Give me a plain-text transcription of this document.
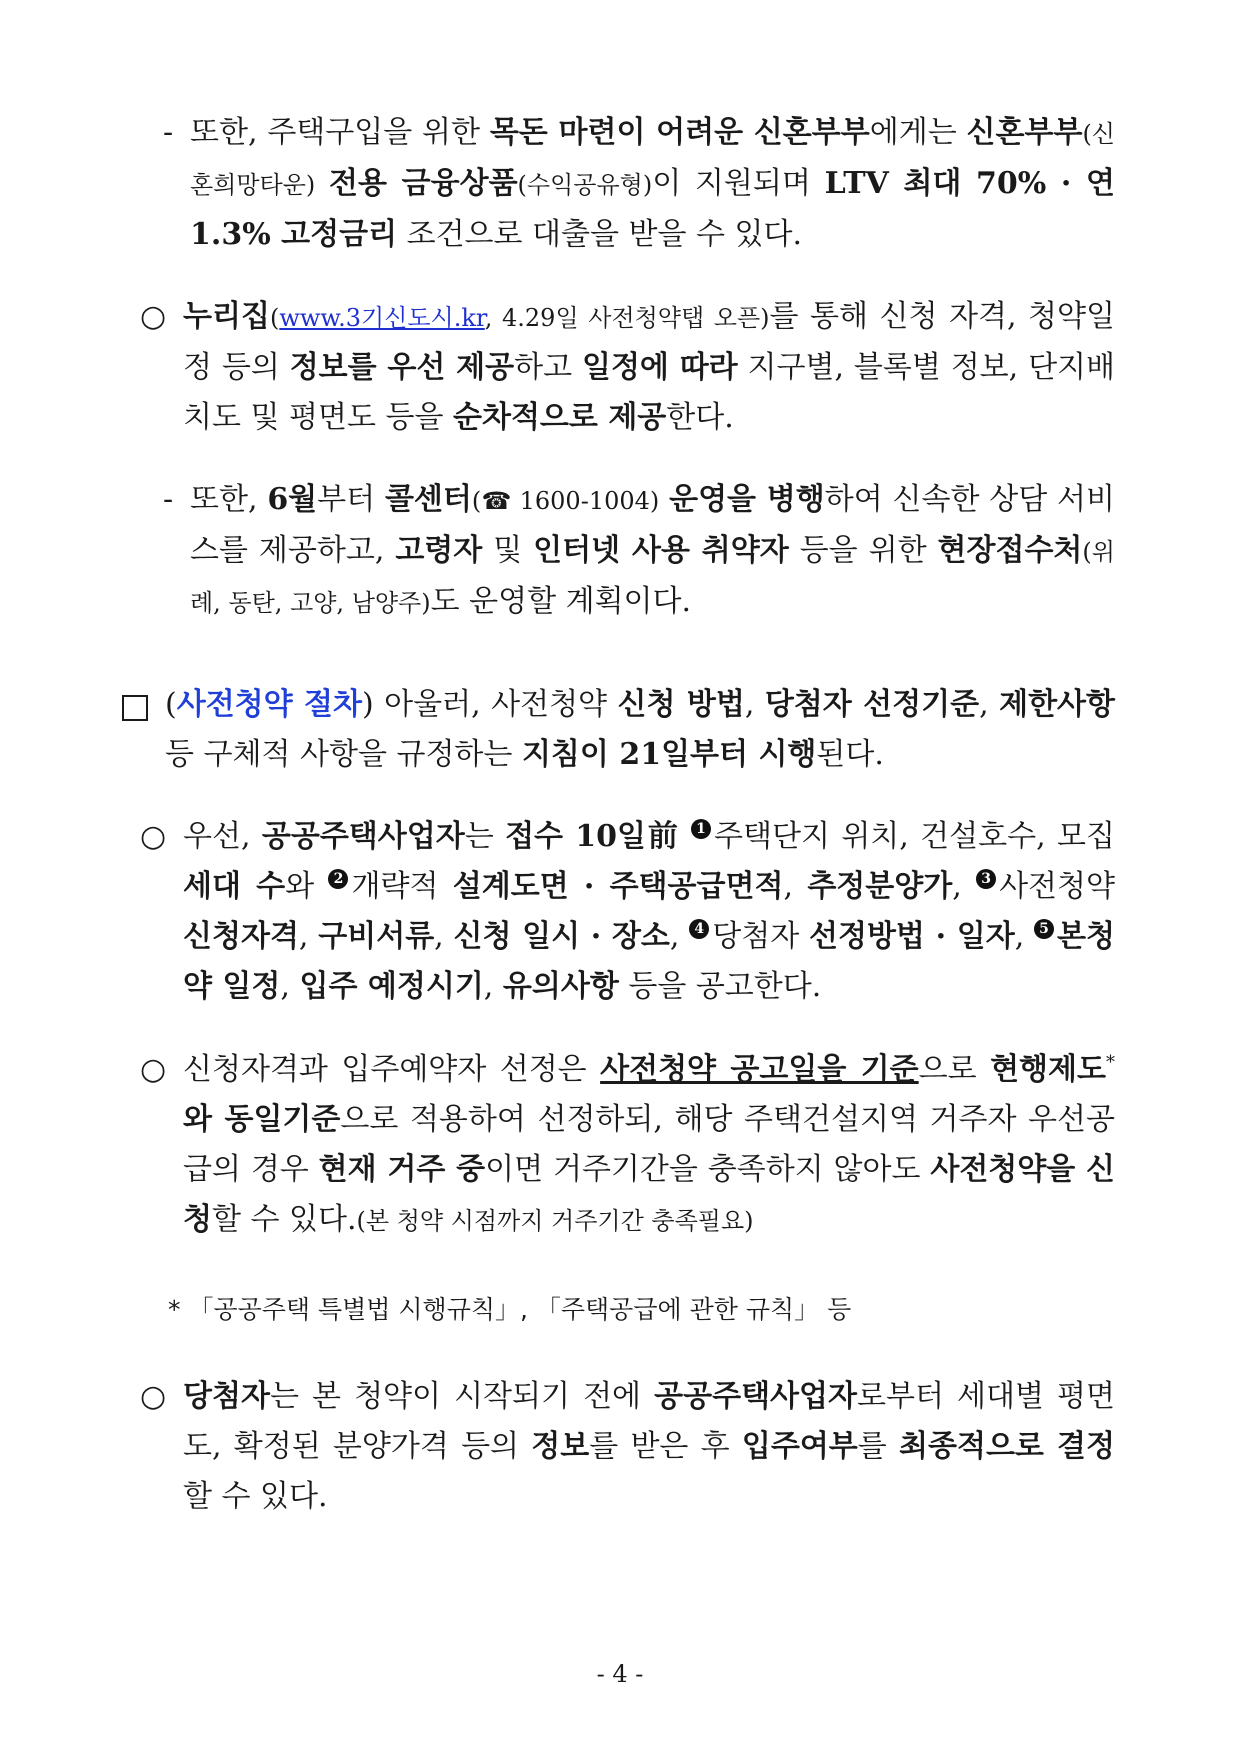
- 또한, 주택구입을 위한 목돈 마련이 어려운 신혼부부에게는 신혼부부(신혼희망타운) 전용 금융상품(수익공유형)이 지원되며 LTV 최대 70% · 연 1.3% 고정금리 조건으로 대출을 받을 수 있다.
○ 누리집(www.3기신도시.kr, 4.29일 사전청약탭 오픈)를 통해 신청 자격, 청약일정 등의 정보를 우선 제공하고 일정에 따라 지구별, 블록별 정보, 단지배치도 및 평면도 등을 순차적으로 제공한다.
- 또한, 6월부터 콜센터(☎ 1600-1004) 운영을 병행하여 신속한 상담 서비스를 제공하고, 고령자 및 인터넷 사용 취약자 등을 위한 현장접수처(위례, 동탄, 고양, 남양주)도 운영할 계획이다.
(사전청약 절차) 아울러, 사전청약 신청 방법, 당첨자 선정기준, 제한사항 등 구체적 사항을 규정하는 지침이 21일부터 시행된다.
○ 우선, 공공주택사업자는 접수 10일前 1 주택단지 위치, 건설호수, 모집 세대 수와 2 개략적 설계도면 · 주택공급면적, 추정분양가, 3 사전청약 신청자격, 구비서류, 신청 일시 · 장소, 4 당첨자 선정방법 · 일자, 5 본청약 일정, 입주 예정시기, 유의사항 등을 공고한다.
○ 신청자격과 입주예약자 선정은 사전청약 공고일을 기준으로 현행제도*와 동일기준으로 적용하여 선정하되, 해당 주택건설지역 거주자 우선공급의 경우 현재 거주 중이면 거주기간을 충족하지 않아도 사전청약을 신청할 수 있다.(본 청약 시점까지 거주기간 충족필요)
* 「공공주택 특별법 시행규칙」, 「주택공급에 관한 규칙」 등
○ 당첨자는 본 청약이 시작되기 전에 공공주택사업자로부터 세대별 평면도, 확정된 분양가격 등의 정보를 받은 후 입주여부를 최종적으로 결정할 수 있다.
- 4 -
